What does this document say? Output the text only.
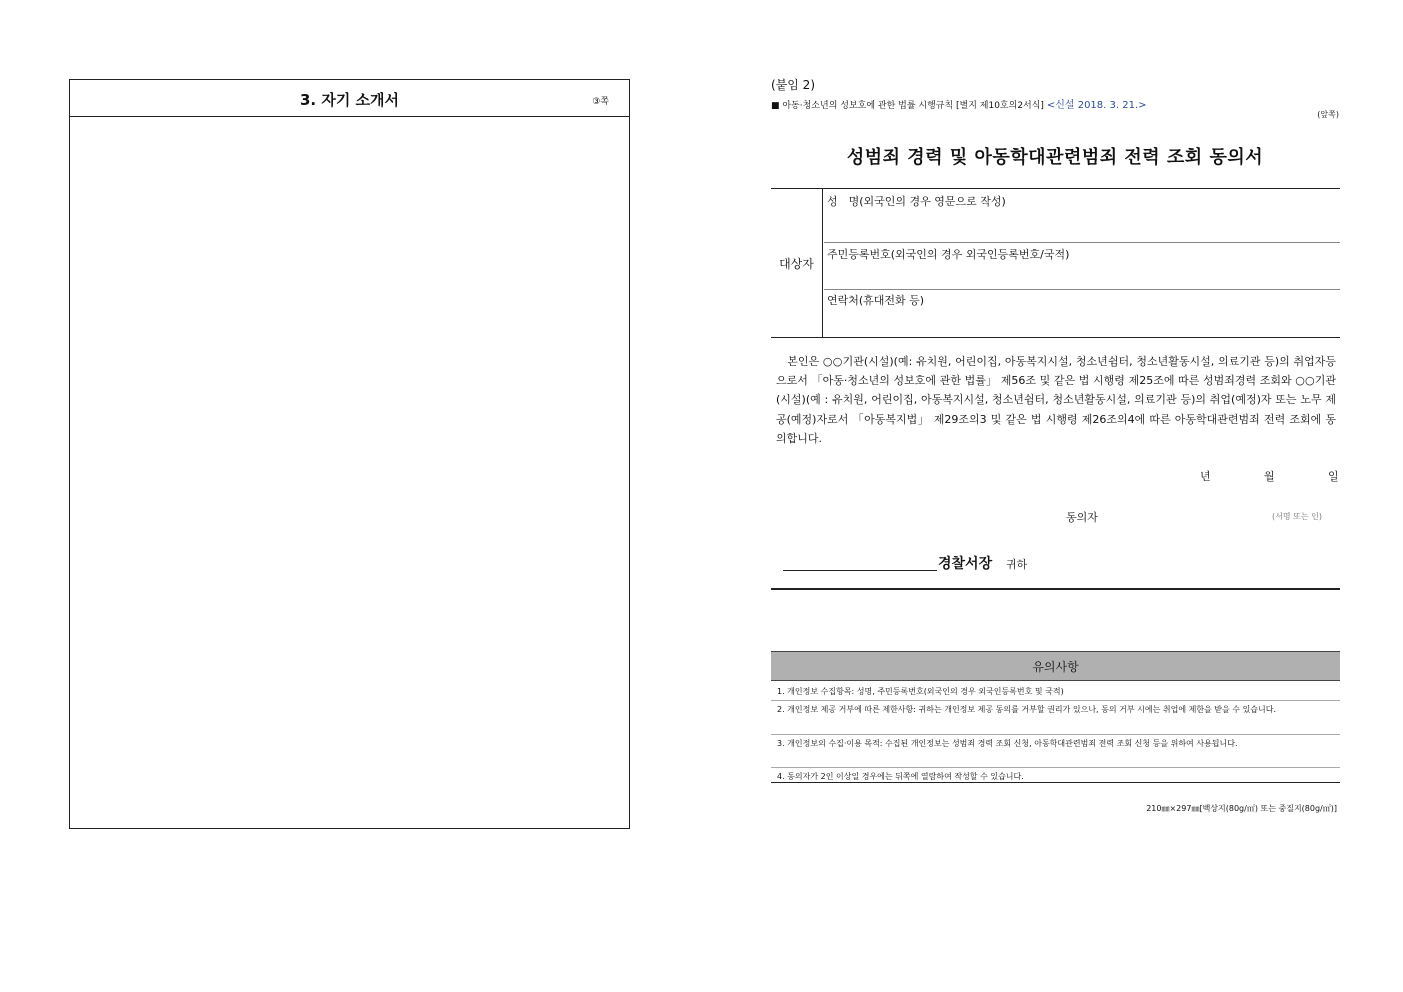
3. 자기 소개서	③쪽
(붙임 2)
■ 아동·청소년의 성보호에 관한 법률 시행규칙 [별지 제10호의2서식] <신설 2018. 3. 21.>
(앞쪽)
성범죄 경력 및 아동학대관련범죄 전력 조회 동의서
대상자
성　명(외국인의 경우 영문으로 작성)
주민등록번호(외국인의 경우 외국인등록번호/국적)
연락처(휴대전화 등)
　본인은 ○○기관(시설)(예: 유치원, 어린이집, 아동복지시설, 청소년쉼터, 청소년활동시설, 의료기관 등)의 취업자등으로서 「아동·청소년의 성보호에 관한 법률」 제56조 및 같은 법 시행령 제25조에 따른 성범죄경력 조회와 ○○기관(시설)(예 : 유치원, 어린이집, 아동복지시설, 청소년쉼터, 청소년활동시설, 의료기관 등)의 취업(예정)자 또는 노무 제공(예정)자로서 「아동복지법」 제29조의3 및 같은 법 시행령 제26조의4에 따른 아동학대관련범죄 전력 조회에 동의합니다.
년	월	일
동의자	(서명 또는 인)
경찰서장 귀하
유의사항
1. 개인정보 수집항목: 성명, 주민등록번호(외국인의 경우 외국인등록번호 및 국적)
2. 개인정보 제공 거부에 따른 제한사항: 귀하는 개인정보 제공 동의를 거부할 권리가 있으나, 동의 거부 시에는 취업에 제한을 받을 수 있습니다.
3. 개인정보의 수집·이용 목적: 수집된 개인정보는 성범죄 경력 조회 신청, 아동학대관련범죄 전력 조회 신청 등을 위하여 사용됩니다.
4. 동의자가 2인 이상일 경우에는 뒤쪽에 열람하여 작성할 수 있습니다.
210㎜×297㎜[백상지(80g/㎡) 또는 중질지(80g/㎡)]
